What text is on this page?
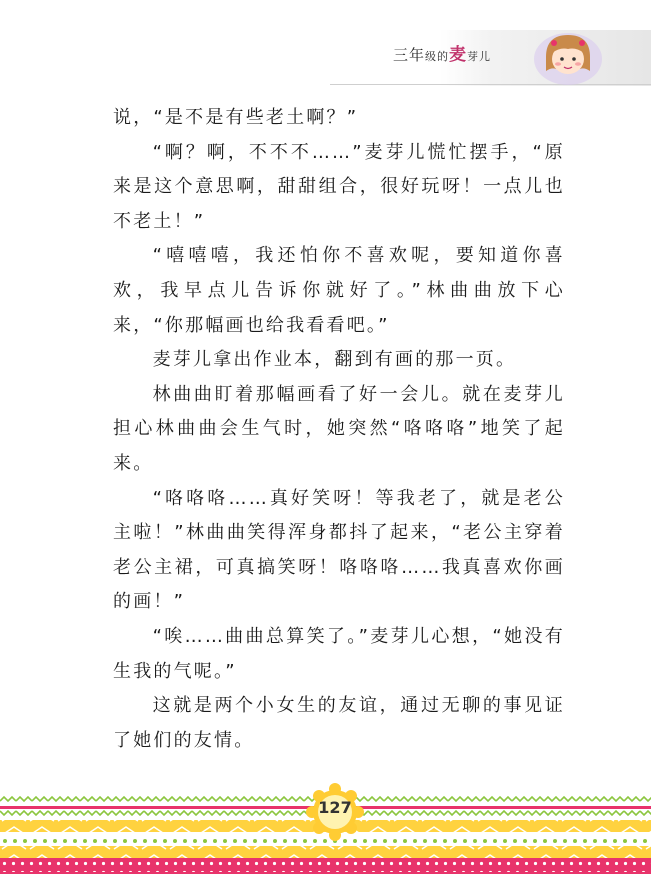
三年级的麦芽儿

说，“是不是有些老土啊？”

“啊？啊，不不不……”麦芽儿慌忙摆手，“原来是这个意思啊，甜甜组合，很好玩呀！一点儿也不老土！”

“嘻嘻嘻，我还怕你不喜欢呢，要知道你喜欢，我早点儿告诉你就好了。”林曲曲放下心来，“你那幅画也给我看看吧。”

麦芽儿拿出作业本，翻到有画的那一页。

林曲曲盯着那幅画看了好一会儿。就在麦芽儿担心林曲曲会生气时，她突然“咯咯咯”地笑了起来。

“咯咯咯……真好笑呀！等我老了，就是老公主啦！”林曲曲笑得浑身都抖了起来，“老公主穿着老公主裙，可真搞笑呀！咯咯咯……我真喜欢你画的画！”

“唉……曲曲总算笑了。”麦芽儿心想，“她没有生我的气呢。”

这就是两个小女生的友谊，通过无聊的事见证了她们的友情。

127
